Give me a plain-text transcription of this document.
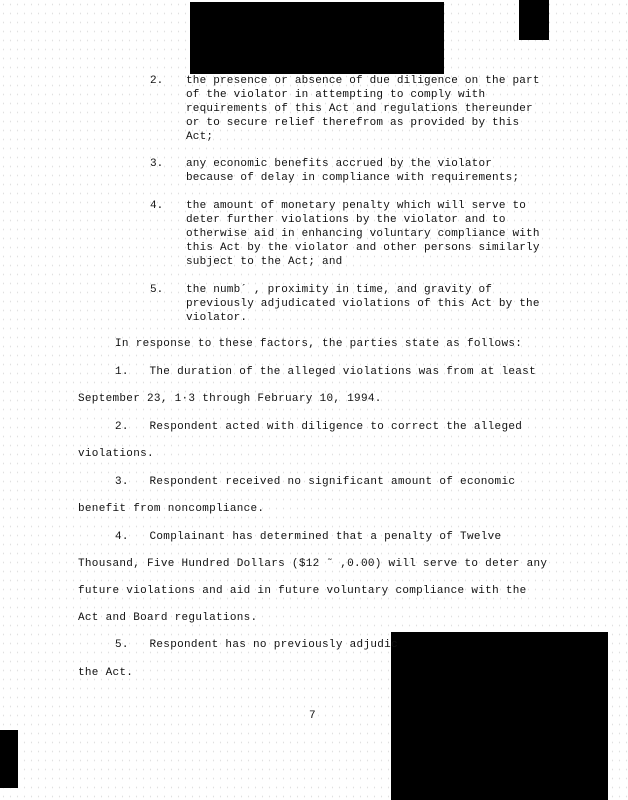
2. the presence or absence of due diligence on the part
of the violator in attempting to comply with
requirements of this Act and regulations thereunder
or to secure relief therefrom as provided by this
Act;
3. any economic benefits accrued by the violator
because of delay in compliance with requirements;
4. the amount of monetary penalty which will serve to
deter further violations by the violator and to
otherwise aid in enhancing voluntary compliance with
this Act by the violator and other persons similarly
subject to the Act; and
5. the numb´ , proximity in time, and gravity of
previously adjudicated violations of this Act by the
violator.
In response to these factors, the parties state as follows:
1.   The duration of the alleged violations was from at least
September 23, 1·3 through February 10, 1994.
2.   Respondent acted with diligence to correct the alleged
violations.
3.   Respondent received no significant amount of economic
benefit from noncompliance.
4.   Complainant has determined that a penalty of Twelve
Thousand, Five Hundred Dollars ($12 ˜ ,0.00) will serve to deter any
future violations and aid in future voluntary compliance with the
Act and Board regulations.
5.   Respondent has no previously adjudic
the Act.
7
